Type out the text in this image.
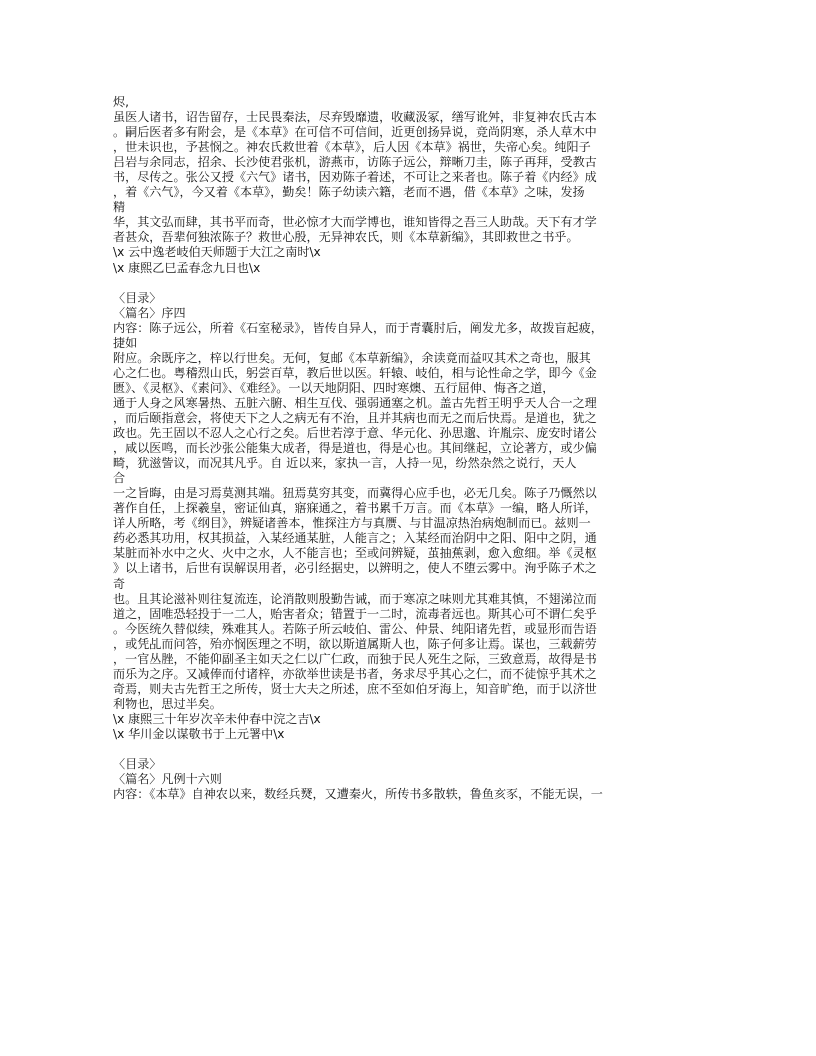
烬,
虽医人诸书，诏告留存，士民畏秦法，尽弃毁靡遗，收藏汲冢，缮写讹舛，非复神农氏古本
。嗣后医者多有附会，是《本草》在可信不可信间，近更创扬异说，竞尚阴寒，杀人草木中
，世未识也，予甚悯之。神农氏救世着《本草》，后人因《本草》祸世，失帝心矣。纯阳子
吕岩与余同志，招余、长沙使君张机，游燕市，访陈子远公，辩晰刀圭，陈子再拜，受教古
书，尽传之。张公又授《六气》诸书，因劝陈子着述，不可让之来者也。陈子着《内经》成
，着《六气》，今又着《本草》，勤矣！陈子幼读六籍，老而不遇，借《本草》之味，发扬
精
华，其文弘而肆，其书平而奇，世必惊才大而学博也，谁知皆得之吾三人助哉。天下有才学
者甚众，吾辈何独浓陈子？救世心殷，无异神农氏，则《本草新编》，其即救世之书乎。
\x 云中逸老岐伯天师题于大江之南时\x
\x 康熙乙巳孟春念九日也\x
〈目录〉
〈篇名〉序四
内容：陈子远公，所着《石室秘录》，皆传自异人，而于青囊肘后，阐发尤多，故拨盲起疲，
捷如
附应。余既序之，梓以行世矣。无何，复邮《本草新编》，余读竟而益叹其术之奇也，服其
心之仁也。粤稽烈山氏，躬尝百草，教后世以医。轩辕、岐伯，相与论性命之学，即今《金
匮》、《灵枢》、《素问》、《难经》。一以天地阴阳、四时寒燠、五行屈伸、悔吝之道，
通于人身之风寒暑热、五脏六腑、相生互伐、强弱通塞之机。盖古先哲王明乎天人合一之理
，而后颐指意会，将使天下之人之病无有不治，且并其病也而无之而后快焉。是道也，犹之
政也。先王固以不忍人之心行之矣。后世若淳于意、华元化、孙思邈、许胤宗、庞安时诸公
，咸以医鸣，而长沙张公能集大成者，得是道也，得是心也。其间继起，立论著方，或少偏
畸，犹滋訾议，而况其凡乎。自 近以来，家执一言，人持一见，纷然杂然之说行，天人
合
一之旨晦，由是习焉莫测其端。狃焉莫穷其变，而冀得心应手也，必无几矣。陈子乃慨然以
著作自任，上探羲皇，密证仙真，寤寐通之，着书累千万言。而《本草》一编，略人所详，
详人所略，考《纲目》，辨疑诸善本，惟探注方与真赝、与甘温凉热治病炮制而已。兹则一
药必悉其功用，权其损益，入某经通某脏，人能言之；入某经而治阴中之阳、阳中之阴，通
某脏而补水中之火、火中之水，人不能言也；至或问辨疑，茧抽蕉剥，愈入愈细。举《灵枢
》以上诸书，后世有误解误用者，必引经据史，以辨明之，使人不堕云雾中。洵乎陈子术之
奇
也。且其论滋补则往复流连，论消散则殷勤告诫，而于寒凉之味则尤其难其慎，不翅涕泣而
道之，固唯恐轻投于一二人，贻害者众；错置于一二时，流毒者远也。斯其心可不谓仁矣乎
。今医统久替似续，殊难其人。若陈子所云岐伯、雷公、仲景、纯阳诸先哲，或显形而告语
，或凭乩而问答，殆亦悯医理之不明，欲以斯道属斯人也，陈子何多让焉。谋也，三载薪劳
，一官丛脞，不能仰副圣主如天之仁以广仁政，而独于民人死生之际，三致意焉，故得是书
而乐为之序。又减俸而付诸梓，亦欲举世读是书者，务求尽乎其心之仁，而不徒惊乎其术之
奇焉，则夫古先哲王之所传，贤士大夫之所述，庶不至如伯牙海上，知音旷绝，而于以济世
利物也，思过半矣。
\x 康熙三十年岁次辛未仲春中浣之吉\x
\x 华川金以谋敬书于上元署中\x
〈目录〉
〈篇名〉凡例十六则
内容：《本草》自神农以来，数经兵燹，又遭秦火，所传书多散轶，鲁鱼亥豕，不能无误，一
